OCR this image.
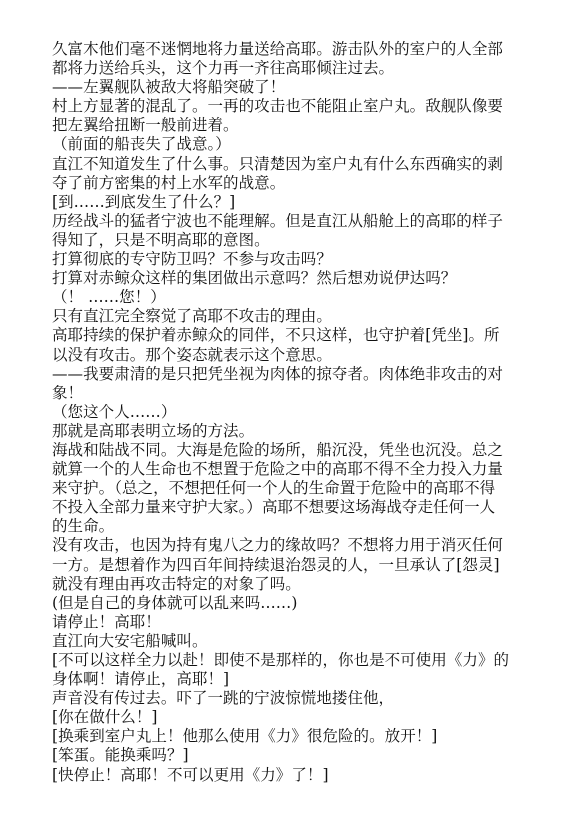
久富木他们毫不迷惘地将力量送给高耶。游击队外的室户的人全部
都将力送给兵头，这个力再一齐往高耶倾注过去。
——左翼舰队被敌大将船突破了！
村上方显著的混乱了。一再的攻击也不能阻止室户丸。敌舰队像要
把左翼给扭断一般前进着。
（前面的船丧失了战意。）
直江不知道发生了什么事。只清楚因为室户丸有什么东西确实的剥
夺了前方密集的村上水军的战意。
[到……到底发生了什么？]
历经战斗的猛者宁波也不能理解。但是直江从船舱上的高耶的样子
得知了，只是不明高耶的意图。
打算彻底的专守防卫吗？不参与攻击吗？
打算对赤鲸众这样的集团做出示意吗？然后想劝说伊达吗？
（！ ……您！）
只有直江完全察觉了高耶不攻击的理由。
高耶持续的保护着赤鲸众的同伴，不只这样，也守护着[凭坐]。所
以没有攻击。那个姿态就表示这个意思。
——我要肃清的是只把凭坐视为肉体的掠夺者。肉体绝非攻击的对
象！
（您这个人……）
那就是高耶表明立场的方法。
海战和陆战不同。大海是危险的场所，船沉没，凭坐也沉没。总之
就算一个的人生命也不想置于危险之中的高耶不得不全力投入力量
来守护。（总之，不想把任何一个人的生命置于危险中的高耶不得
不投入全部力量来守护大家。）高耶不想要这场海战夺走任何一人
的生命。
没有攻击，也因为持有鬼八之力的缘故吗？不想将力用于消灭任何
一方。是想着作为四百年间持续退治怨灵的人，一旦承认了[怨灵]
就没有理由再攻击特定的对象了吗。
(但是自己的身体就可以乱来吗……)
请停止！高耶！
直江向大安宅船喊叫。
[不可以这样全力以赴！即使不是那样的，你也是不可使用《力》的
身体啊！请停止，高耶！]
声音没有传过去。吓了一跳的宁波惊慌地搂住他，
[你在做什么！]
[换乘到室户丸上！他那么使用《力》很危险的。放开！]
[笨蛋。能换乘吗？]
[快停止！高耶！不可以更用《力》了！]
